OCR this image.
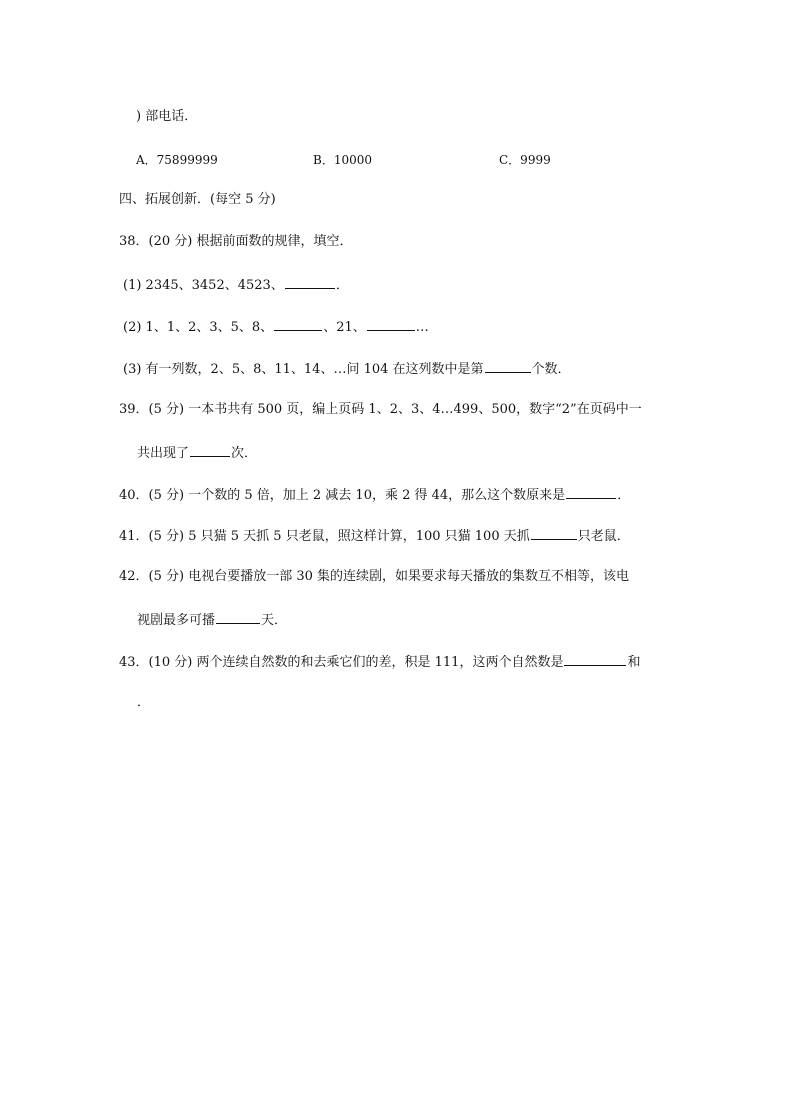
) 部电话．
A．75899999	B．10000	C．9999
四、拓展创新．(每空 5 分)
38．(20 分) 根据前面数的规律，填空．
(1) 2345、3452、4523、	．
(2) 1、1、2、3、5、8、	、21、	…
(3) 有一列数，2、5、8、11、14、…问 104 在这列数中是第	个数．
39．(5 分) 一本书共有 500 页，编上页码 1、2、3、4…499、500，数字“2”在页码中一
共出现了	次．
40．(5 分) 一个数的 5 倍，加上 2 减去 10，乘 2 得 44，那么这个数原来是	．
41．(5 分) 5 只猫 5 天抓 5 只老鼠，照这样计算，100 只猫 100 天抓	只老鼠．
42．(5 分) 电视台要播放一部 30 集的连续剧，如果要求每天播放的集数互不相等，该电
视剧最多可播	天．
43．(10 分) 两个连续自然数的和去乘它们的差，积是 111，这两个自然数是	和
．
